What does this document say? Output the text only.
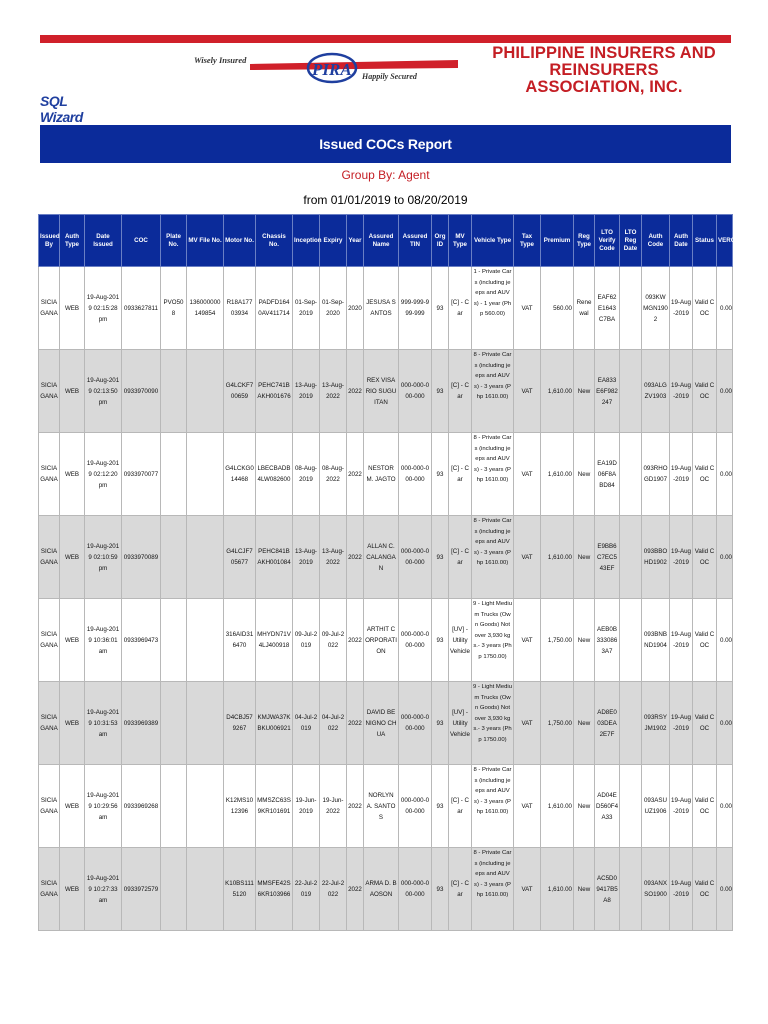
Wisely Insured	PIRA Happily Secured
PHILIPPINE INSURERS AND REINSURERS
ASSOCIATION, INC.
SQL Wizard
Issued COCs Report
Group By: Agent
from 01/01/2019 to 08/20/2019
Issued By	Auth Type	Date Issued	COC	Plate No.	MV File No.	Motor No.	Chassis No.	Inception	Expiry	Year	Assured Name	Assured TIN	Org ID	MV Type	Vehicle Type	Tax Type	Premium	Reg Type	LTO Verify Code	LTO Reg Date	Auth Code	Auth Date	Status	VERCNT
SICIAGANA	WEB	19-Aug-2019 02:15:28 pm	0933627811	PVO508	136000000149854	R18A17703934	PADFD1640AV411714	01-Sep-2019	01-Sep-2020	2020	JESUSA SANTOS	999-999-999-999	93	[C] - Car	1 - Private Cars (including jeeps and AUVs) - 1 year (Php 560.00)	VAT	560.00	Renewal	EAF62E1643C7BA		093KWMGN1902	19-Aug-2019	Valid COC	0.00
SICIAGANA	WEB	19-Aug-2019 02:13:50 pm	0933970090			G4LCKF700659	PEHC741BAKH001676	13-Aug-2019	13-Aug-2022	2022	REX VISARIO SUGUITAN	000-000-000-000	93	[C] - Car	8 - Private Cars (including jeeps and AUVs) - 3 years (Php 1610.00)	VAT	1,610.00	New	EA833E6F982247		093ALGZV1903	19-Aug-2019	Valid COC	0.00
SICIAGANA	WEB	19-Aug-2019 02:12:20 pm	0933970077			G4LCKG014468	LBECBADB4LW082600	08-Aug-2019	08-Aug-2022	2022	NESTOR M. JAGTO	000-000-000-000	93	[C] - Car	8 - Private Cars (including jeeps and AUVs) - 3 years (Php 1610.00)	VAT	1,610.00	New	EA19D06F8ABD84		093RHOGD1907	19-Aug-2019	Valid COC	0.00
SICIAGANA	WEB	19-Aug-2019 02:10:59 pm	0933970089			G4LCJF705677	PEHC841BAKH001084	13-Aug-2019	13-Aug-2022	2022	ALLAN C. CALANGAN	000-000-000-000	93	[C] - Car	8 - Private Cars (including jeeps and AUVs) - 3 years (Php 1610.00)	VAT	1,610.00	New	E9BB6C7EC543EF		093BBOHD1902	19-Aug-2019	Valid COC	0.00
SICIAGANA	WEB	19-Aug-2019 10:36:01 am	0933969473			316AID316470	MHYDN71V4LJ400918	09-Jul-2019	09-Jul-2022	2022	ARTHIT CORPORATION	000-000-000-000	93	[UV] - Utility Vehicle	9 - Light Medium Trucks (Own Goods) Not over 3,930 kgs.- 3 years (Php 1750.00)	VAT	1,750.00	New	AEB0B3330863A7		093BNBND1904	19-Aug-2019	Valid COC	0.00
SICIAGANA	WEB	19-Aug-2019 10:31:53 am	0933969389			D4CBJ579267	KMJWA37KBKU006921	04-Jul-2019	04-Jul-2022	2022	DAVID BENIGNO CHUA	000-000-000-000	93	[UV] - Utility Vehicle	9 - Light Medium Trucks (Own Goods) Not over 3,930 kgs.- 3 years (Php 1750.00)	VAT	1,750.00	New	AD8E003DEA2E7F		093RSYJM1902	19-Aug-2019	Valid COC	0.00
SICIAGANA	WEB	19-Aug-2019 10:29:56 am	0933969268			K12MS1012396	MMSZC63S9KR101691	19-Jun-2019	19-Jun-2022	2022	NORLYN A. SANTOS	000-000-000-000	93	[C] - Car	8 - Private Cars (including jeeps and AUVs) - 3 years (Php 1610.00)	VAT	1,610.00	New	AD04ED560F4A33		093ASUUZ1906	19-Aug-2019	Valid COC	0.00
SICIAGANA	WEB	19-Aug-2019 10:27:33 am	0933972579			K10BS1115120	MMSFE42S6KR103966	22-Jul-2019	22-Jul-2022	2022	ARMA D. BAOSON	000-000-000-000	93	[C] - Car	8 - Private Cars (including jeeps and AUVs) - 3 years (Php 1610.00)	VAT	1,610.00	New	AC5D09417B5A8		093ANXSO1900	19-Aug-2019	Valid COC	0.00
